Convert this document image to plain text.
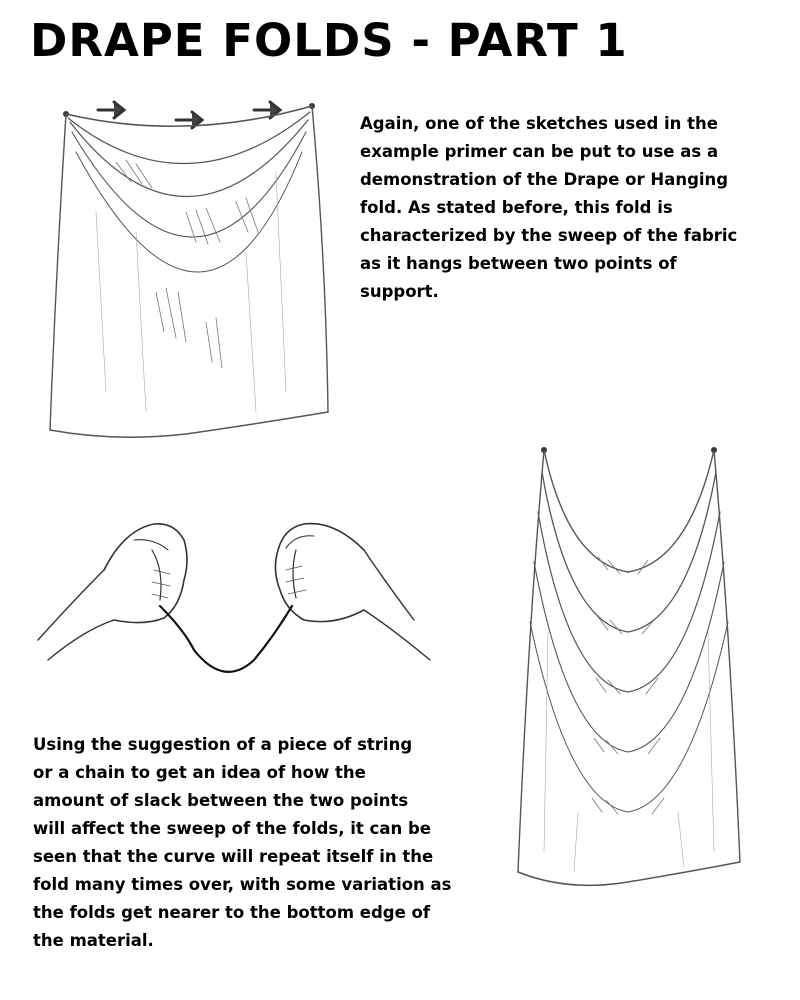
DRAPE FOLDS - PART 1

Again, one of the sketches used in the
example primer can be put to use as a
demonstration of the Drape or Hanging
fold. As stated before, this fold is
characterized by the sweep of the fabric
as it hangs between two points of
support.

Using the suggestion of a piece of string
or a chain to get an idea of how the
amount of slack between the two points
will affect the sweep of the folds, it can be
seen that the curve will repeat itself in the
fold many times over, with some variation as
the folds get nearer to the bottom edge of
the material.
